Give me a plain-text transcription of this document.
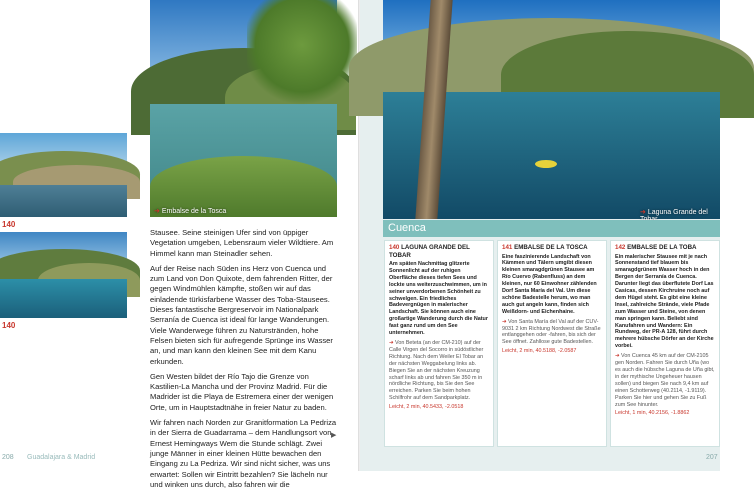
140
140
➜ Embalse de la Tosca

Stausee. Seine steinigen Ufer sind von üppiger Vegetation umgeben, Lebensraum vieler Wildtiere. Am Himmel kann man Steinadler sehen.

Auf der Reise nach Süden ins Herz von Cuenca und zum Land von Don Quixote, dem fahrenden Ritter, der gegen Windmühlen kämpfte, stoßen wir auf das einladende türkisfarbene Wasser des Toba-Stausees. Dieses fantastische Bergreservoir im Nationalpark Serranía de Cuenca ist ideal für lange Wanderungen. Viele Wanderwege führen zu Naturstränden, hohe Felsen bieten sich für aufregende Sprünge ins Wasser an, und man kann den kleinen See mit dem Kanu erkunden.

Gen Westen bildet der Río Tajo die Grenze von Kastilien-La Mancha und der Provinz Madrid. Für die Madrider ist die Playa de Estremera einer der wenigen Orte, um in Hauptstadtnähe in freier Natur zu baden.

Wir fahren nach Norden zur Granitformation La Pedriza in der Sierra de Guadarrama – dem Handlungsort von Ernest Hemingways Wem die Stunde schlägt. Zwei junge Männer in einer kleinen Hütte bewachen den Eingang zu La Pedriza. Wir sind nicht sicher, was uns erwartet: Sollen wir Eintritt bezahlen? Sie lächeln nur und winken uns durch, also fahren wir die

▶
208 Guadalajara & Madrid
➜ Laguna Grande del
Cuenca
140 LAGUNA GRANDE DEL TOBAR

Am späten Nachmittag glitzerte Sonnenlicht auf der ruhigen Oberfläche dieses tiefen Sees und lockte uns weiterzuschwimmen, um in seiner unverdorbenen Schönheit zu schwelgen. Ein friedliches Badevergnügen in malerischer Landschaft. Sie können auch eine großartige Wanderung durch die Natur fast ganz rund um den See unternehmen.

➜ Von Beteta (an der CM-210) auf der Calle Virgen del Socorro in südöstlicher Richtung. Nach dem Weiler El Tobar an der nächsten Weggabelung links ab. Biegen Sie an der nächsten Kreuzung scharf links ab und fahren Sie 350 m in nördliche Richtung, bis Sie den See erreichen. Parken Sie beim hohen Schilfrohr auf dem Sandparkplatz.

Leicht, 2 min, 40.5433, -2.0518

141 EMBALSE DE LA TOSCA

Eine faszinierende Landschaft von Kämmen und Tälern umgibt diesen kleinen smaragdgrünen Stausee am Río Cuervo (Rabenfluss) an dem kleinen, nur 60 Einwohner zählenden Dorf Santa María del Val. Um diese schöne Badestelle herum, wo man auch gut angeln kann, finden sich Weißdorn- und Eichenhaine.

➜ Von Santa María del Val auf der CUV-9031 2 km Richtung Nordwest die Straße entlanggehen oder -fahren, bis sich der See öffnet. Zahllose gute Badestellen.

Leicht, 2 min, 40.5188, -2.0587

142 EMBALSE DE LA TOBA

Ein malerischer Stausee mit je nach Sonnenstand tief blauem bis smaragdgrünem Wasser hoch in den Bergen der Serranía de Cuenca. Darunter liegt das überflutete Dorf Las Casicas, dessen Kirchruine noch auf dem Hügel steht. Es gibt eine kleine Insel, zahlreiche Strände, viele Pfade zum Wasser und Steine, von denen man springen kann. Beliebt sind Kanufahren und Wandern: Ein Rundweg, der PR-A 128, führt durch mehrere hübsche Dörfer an der Kirche vorbei.

➜ Von Cuenca 45 km auf der CM-2105 gen Norden. Fahren Sie durch Uña (wo es auch die hübsche Laguna de Uña gibt, in der mythische Ungeheuer hausen sollen) und biegen Sie nach 9,4 km auf einen Schotterweg (40.2114, -1.9119). Parken Sie hier und gehen Sie zu Fuß zum See hinunter.

Leicht, 1 min, 40.2156, -1.8862

207
